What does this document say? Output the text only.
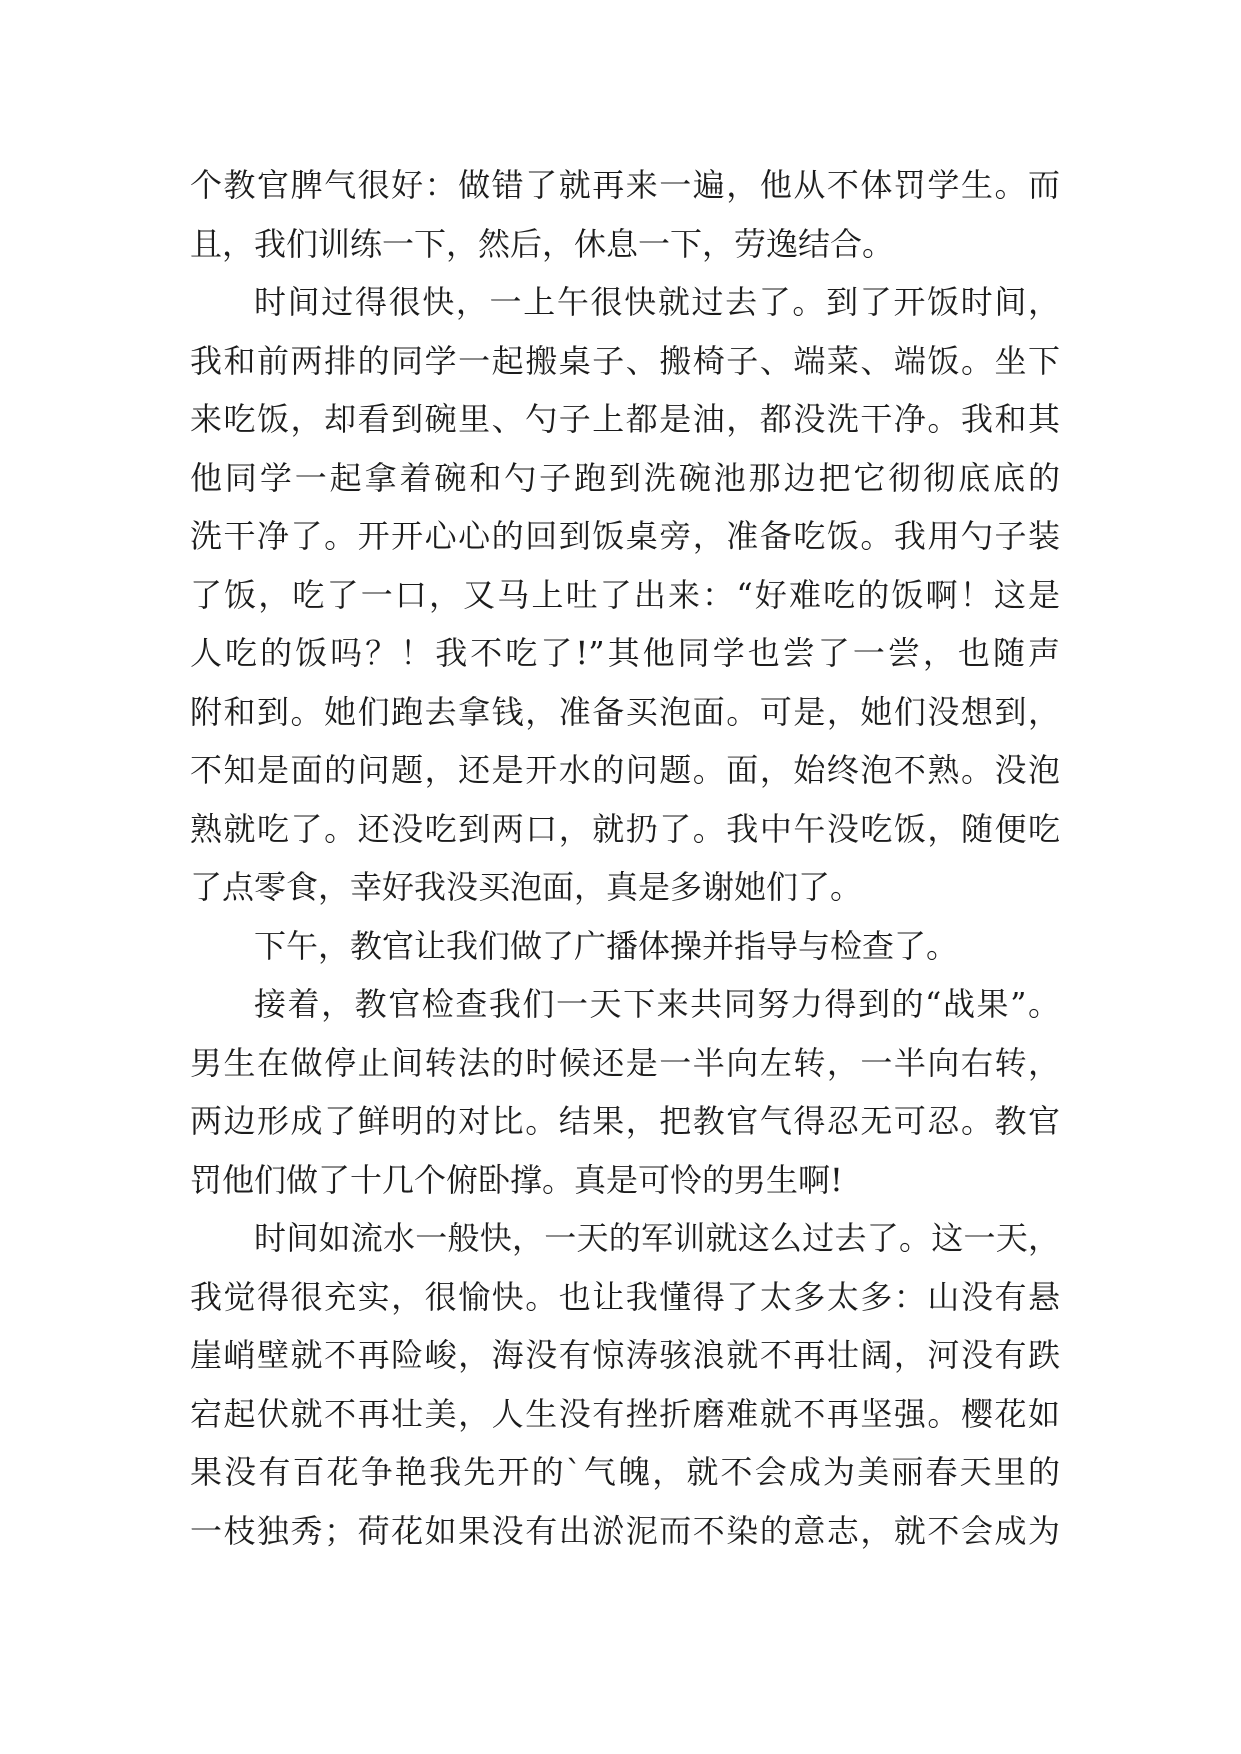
个教官脾气很好：做错了就再来一遍，他从不体罚学生。而
且，我们训练一下，然后，休息一下，劳逸结合。
时间过得很快，一上午很快就过去了。到了开饭时间，
我和前两排的同学一起搬桌子、搬椅子、端菜、端饭。坐下
来吃饭，却看到碗里、勺子上都是油，都没洗干净。我和其
他同学一起拿着碗和勺子跑到洗碗池那边把它彻彻底底的
洗干净了。开开心心的回到饭桌旁，准备吃饭。我用勺子装
了饭，吃了一口，又马上吐了出来：“好难吃的饭啊！这是
人吃的饭吗？！我不吃了!”其他同学也尝了一尝，也随声
附和到。她们跑去拿钱，准备买泡面。可是，她们没想到，
不知是面的问题，还是开水的问题。面，始终泡不熟。没泡
熟就吃了。还没吃到两口，就扔了。我中午没吃饭，随便吃
了点零食，幸好我没买泡面，真是多谢她们了。
下午，教官让我们做了广播体操并指导与检查了。
接着，教官检查我们一天下来共同努力得到的“战果”。
男生在做停止间转法的时候还是一半向左转，一半向右转，
两边形成了鲜明的对比。结果，把教官气得忍无可忍。教官
罚他们做了十几个俯卧撑。真是可怜的男生啊!
时间如流水一般快，一天的军训就这么过去了。这一天，
我觉得很充实，很愉快。也让我懂得了太多太多：山没有悬
崖峭壁就不再险峻，海没有惊涛骇浪就不再壮阔，河没有跌
宕起伏就不再壮美，人生没有挫折磨难就不再坚强。樱花如
果没有百花争艳我先开的`气魄，就不会成为美丽春天里的
一枝独秀；荷花如果没有出淤泥而不染的意志，就不会成为
